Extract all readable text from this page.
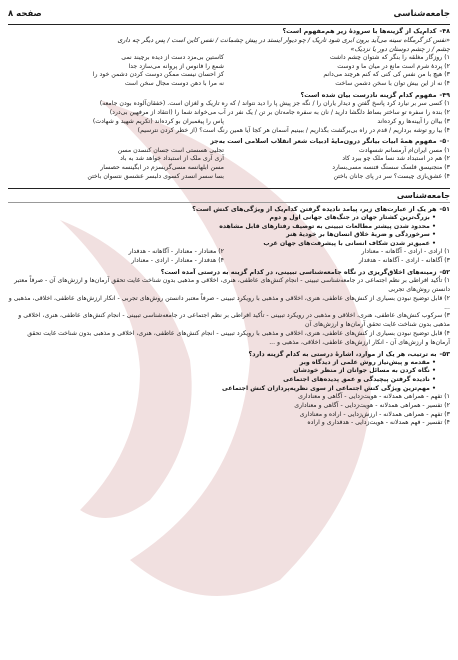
جامعه‌شناسی
صفحه ۸
۴۸-کدام‌یک از گزینه‌ها با سرودهٔ زیر هم‌مفهوم است؟
«نفس کز گرمگاه سینه می‌آید برون ابری شود تاریک / چو دیوار ایستد در پیش چشمانت / نفس کاین است / پس دیگر چه داری
چشم / ز چشم دوستان دور یا نزدیک»
۱) روزگار مغلقه را بنگر که شتوان چشم داشت
کاستین بی‌مزد دست از دیده برچیند نمی
۲) پردهٔ شرم است مانع در میان ما و دوست
شمع را فانوس از پروانه می‌سازد جدا
۳) هیچ با من نفس کی کنی که کنم هرچند می‌دانم
کز احسان نیست ممکن دوست کردن دشمن خود را
۴) نه از این بیش توان با سخن دشمن ساخت
نه مرا با دهن دوست مجال سخن است
۴۹-مفهوم کدام گزینه نادرست بیان شده است؟
۱) کسی سر بر نیارد کرد پاسخ گفتن و دیدار یاران را / نگه جز پیش پا را دید نتواند / که ره تاریک و لغزان است. (خفقان‌آلوده بودن جامعه)
۲) بنده را سفره تو ساختر بساط دلگشا دارید / نان به سفره جامه‌تان بر تن / یک نفر در آب می‌خواند شما را (انتقاد از مرفهین بی‌درد)
۳) بیاان را آیینه‌ها رو کرده‌اند
پاس را پیغمبران بو کرده‌اند (تکریم شهید و شهادت)
۴) بیا رو توشه برداریم / قدم در راه بی‌برگشت بگذاریم / ببینیم آسمان هر کجا آیا همین رنگ است؟ (از خطر کردن نترسیم)
۵۰-مفهوم همهٔ ابیات بیانگر درون‌مایهٔ ادبیات شعر انقلاب اسلامی است به‌جز
۱) مسن ایران‌ام آرمسانم شسهادت
تجلیی هسستی است جسان کنسدن مسن
۲) هم در استبداد شد نسا ملک چو ببرد کاد
آری آری ملک از استبداد خواهد شد به باد
۳) منجنیسق فلسک سسنگ فتنسه مسی‌بسارد
مسن ابلهانسه مسی‌گریسزم در ابگینسه حصسار
۴) عشق‌بازی چیست؟ سر در پای جانان باختن
بسا سسر انسدر کسوی دلبسر عشسق نتسوان باختن
جامعه‌شناسی
۵۱-هر یک از عبارت‌های زیر، پیامد نادیده گرفتن کدام‌یک از ویژگی‌های کنش است؟
• بزرگ‌ترین کشتار جهان در جنگ‌های جهانی اول و دوم
• محدود شدن پیشتر مطالعات تبیینی به توصیف رفتارهای قابل مشاهده
• سرخوردگی و ضربهٔ خلاق انسان‌ها بر خودیهٔ هنر
• عمیق‌تر شدن شکاف انسانی با پیشرفت‌های جهان غرب
۱) ارادی - ارادی - آگاهانه - معنادار
۲) معنادار - معنادار - آگاهانه - هدفدار
۳) آگاهانه - ارادی - آگاهانه - هدفدار
۴) هدفدار - معنادار - ارادی - معنادار
۵۲-زمینه‌های اخلاق‌گریزی در نگاه جامعه‌شناسی تبیینی، در کدام گزینه به درستی آمده است؟
۱) تأکید افراطی بر نظم اجتماعی در جامعه‌شناسی تبیینی - انجام کنش‌های عاطفی، هنری، اخلاقی و مذهبی بدون شناخت غایت تحقق آرمان‌ها و ارزش‌های آن - صرفاً معتبر دانستن روش‌های تجربی
۲) قابل توضیح نبودن بسیاری از کنش‌های عاطفی، هنری، اخلاقی و مذهبی با رویکرد تبیینی - صرفاً معتبر دانستن روش‌های تجربی - انکار ارزش‌های عاطفی، اخلاقی، مذهبی و ...
۳) سرکوب کنش‌های عاطفی، هنری، اخلاقی و مذهبی در رویکرد تبیینی - تأکید افراطی بر نظم اجتماعی در جامعه‌شناسی تبیینی - انجام کنش‌های عاطفی، هنری، اخلاقی و مذهبی بدون شناخت غایت تحقق آرمان‌ها و ارزش‌های آن
۴) قابل توضیح نبودن بسیاری از کنش‌های عاطفی، هنری، اخلاقی و مذهبی با رویکرد تبیینی - انجام کنش‌های عاطفی، هنری، اخلاقی و مذهبی بدون شناخت غایت تحقق آرمان‌ها و ارزش‌های آن - انکار ارزش‌های عاطفی، اخلاقی، مذهبی و ...
۵۳-به ترتیب، هر یک از موارد، اشارهٔ درستی به کدام گزینه دارد؟
• مقدمه و پیش‌نیاز روش علمی از دیدگاه وبر
• نگاه کردن به مسائل جوانان از منظر خودشان
• نادیده گرفتن پیچیدگی و عمق پدیده‌های اجتماعی
• مهم‌ترین ویژگی کنش اجتماعی از سوی نظریه‌پردازان کنش اجتماعی
۱) تفهم - همراهی همدلانه - هویت‌زدایی - آگاهی و معناداری
۲) تفسیر - همراهی همدلانه - هویت‌زدایی - آگاهی و معناداری
۳) تفهم - همراهی همدلانه - ارزش‌زدایی - اراده و معناداری
۴) تفسیر - فهم همدلانه - هویت‌زدایی - هدفداری و اراده
